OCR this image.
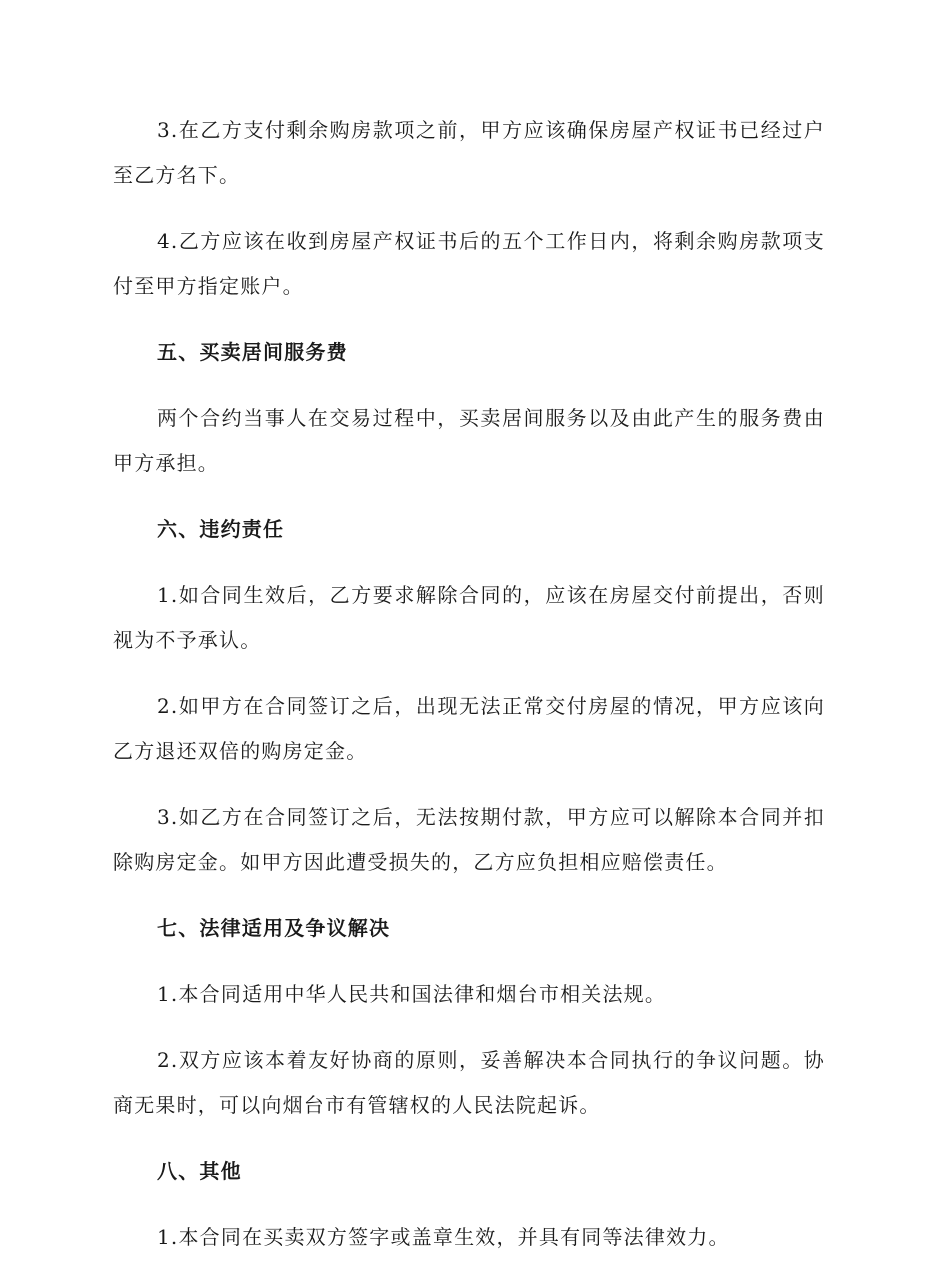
3.在乙方支付剩余购房款项之前，甲方应该确保房屋产权证书已经过户至乙方名下。

4.乙方应该在收到房屋产权证书后的五个工作日内，将剩余购房款项支付至甲方指定账户。

五、买卖居间服务费

两个合约当事人在交易过程中，买卖居间服务以及由此产生的服务费由甲方承担。

六、违约责任

1.如合同生效后，乙方要求解除合同的，应该在房屋交付前提出，否则视为不予承认。

2.如甲方在合同签订之后，出现无法正常交付房屋的情况，甲方应该向乙方退还双倍的购房定金。

3.如乙方在合同签订之后，无法按期付款，甲方应可以解除本合同并扣除购房定金。如甲方因此遭受损失的，乙方应负担相应赔偿责任。

七、法律适用及争议解决

1.本合同适用中华人民共和国法律和烟台市相关法规。

2.双方应该本着友好协商的原则，妥善解决本合同执行的争议问题。协商无果时，可以向烟台市有管辖权的人民法院起诉。

八、其他

1.本合同在买卖双方签字或盖章生效，并具有同等法律效力。
